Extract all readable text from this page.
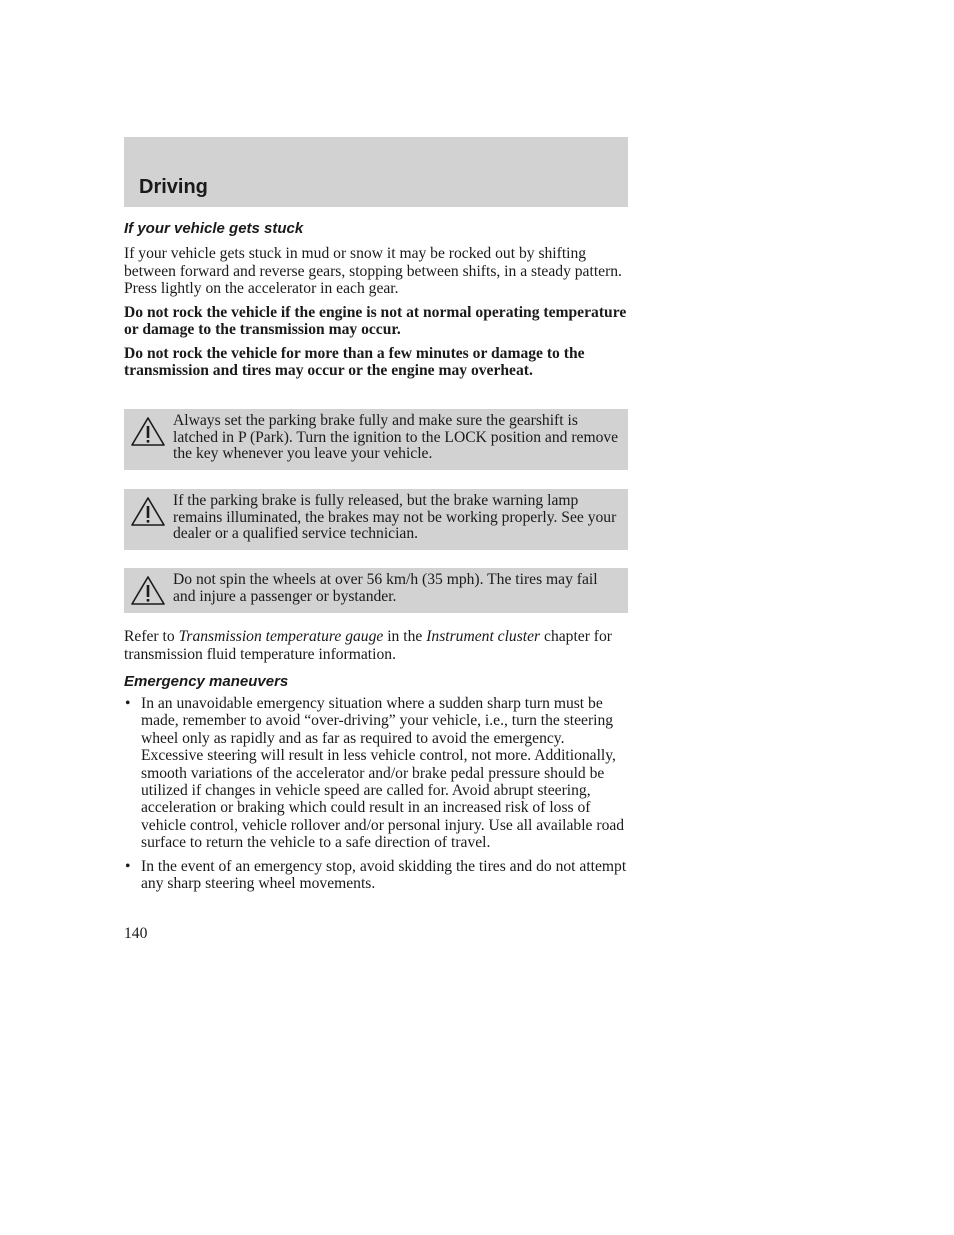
Driving
If your vehicle gets stuck

If your vehicle gets stuck in mud or snow it may be rocked out by shifting between forward and reverse gears, stopping between shifts, in a steady pattern. Press lightly on the accelerator in each gear.

Do not rock the vehicle if the engine is not at normal operating temperature or damage to the transmission may occur.

Do not rock the vehicle for more than a few minutes or damage to the transmission and tires may occur or the engine may overheat.

Always set the parking brake fully and make sure the gearshift is latched in P (Park). Turn the ignition to the LOCK position and remove the key whenever you leave your vehicle.

If the parking brake is fully released, but the brake warning lamp remains illuminated, the brakes may not be working properly. See your dealer or a qualified service technician.

Do not spin the wheels at over 56 km/h (35 mph). The tires may fail and injure a passenger or bystander.

Refer to Transmission temperature gauge in the Instrument cluster chapter for transmission fluid temperature information.

Emergency maneuvers
• In an unavoidable emergency situation where a sudden sharp turn must be made, remember to avoid “over-driving” your vehicle, i.e., turn the steering wheel only as rapidly and as far as required to avoid the emergency. Excessive steering will result in less vehicle control, not more. Additionally, smooth variations of the accelerator and/or brake pedal pressure should be utilized if changes in vehicle speed are called for. Avoid abrupt steering, acceleration or braking which could result in an increased risk of loss of vehicle control, vehicle rollover and/or personal injury. Use all available road surface to return the vehicle to a safe direction of travel.
• In the event of an emergency stop, avoid skidding the tires and do not attempt any sharp steering wheel movements.
140
